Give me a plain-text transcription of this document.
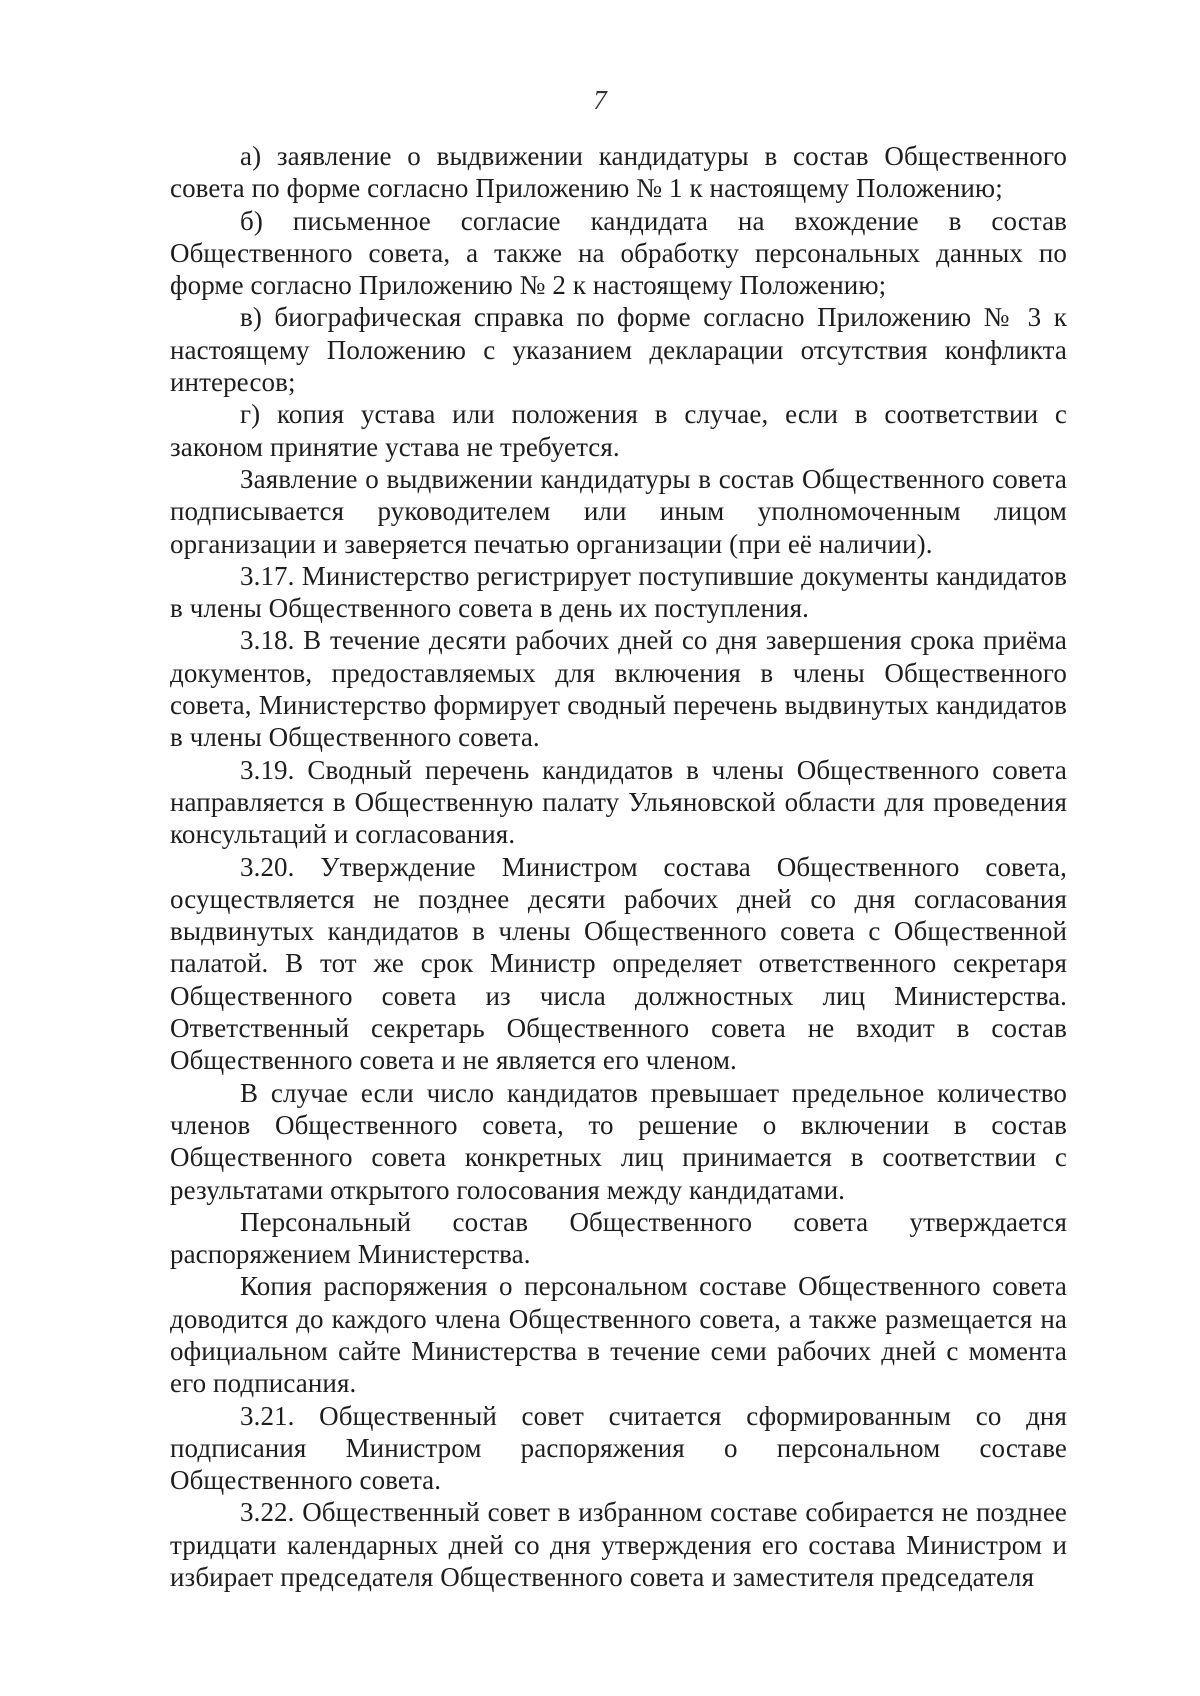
7

а) заявление о выдвижении кандидатуры в состав Общественного совета по форме согласно Приложению № 1 к настоящему Положению;

б) письменное согласие кандидата на вхождение в состав Общественного совета, а также на обработку персональных данных по форме согласно Приложению № 2 к настоящему Положению;

в) биографическая справка по форме согласно Приложению № 3 к настоящему Положению с указанием декларации отсутствия конфликта интересов;

г) копия устава или положения в случае, если в соответствии с законом принятие устава не требуется.

Заявление о выдвижении кандидатуры в состав Общественного совета подписывается руководителем или иным уполномоченным лицом организации и заверяется печатью организации (при её наличии).

3.17. Министерство регистрирует поступившие документы кандидатов в члены Общественного совета в день их поступления.

3.18. В течение десяти рабочих дней со дня завершения срока приёма документов, предоставляемых для включения в члены Общественного совета, Министерство формирует сводный перечень выдвинутых кандидатов в члены Общественного совета.

3.19. Сводный перечень кандидатов в члены Общественного совета направляется в Общественную палату Ульяновской области для проведения консультаций и согласования.

3.20. Утверждение Министром состава Общественного совета, осуществляется не позднее десяти рабочих дней со дня согласования выдвинутых кандидатов в члены Общественного совета с Общественной палатой. В тот же срок Министр определяет ответственного секретаря Общественного совета из числа должностных лиц Министерства. Ответственный секретарь Общественного совета не входит в состав Общественного совета и не является его членом.

В случае если число кандидатов превышает предельное количество членов Общественного совета, то решение о включении в состав Общественного совета конкретных лиц принимается в соответствии с результатами открытого голосования между кандидатами.

Персональный состав Общественного совета утверждается распоряжением Министерства.

Копия распоряжения о персональном составе Общественного совета доводится до каждого члена Общественного совета, а также размещается на официальном сайте Министерства в течение семи рабочих дней с момента его подписания.

3.21. Общественный совет считается сформированным со дня подписания Министром распоряжения о персональном составе Общественного совета.

3.22. Общественный совет в избранном составе собирается не позднее тридцати календарных дней со дня утверждения его состава Министром и избирает председателя Общественного совета и заместителя председателя
